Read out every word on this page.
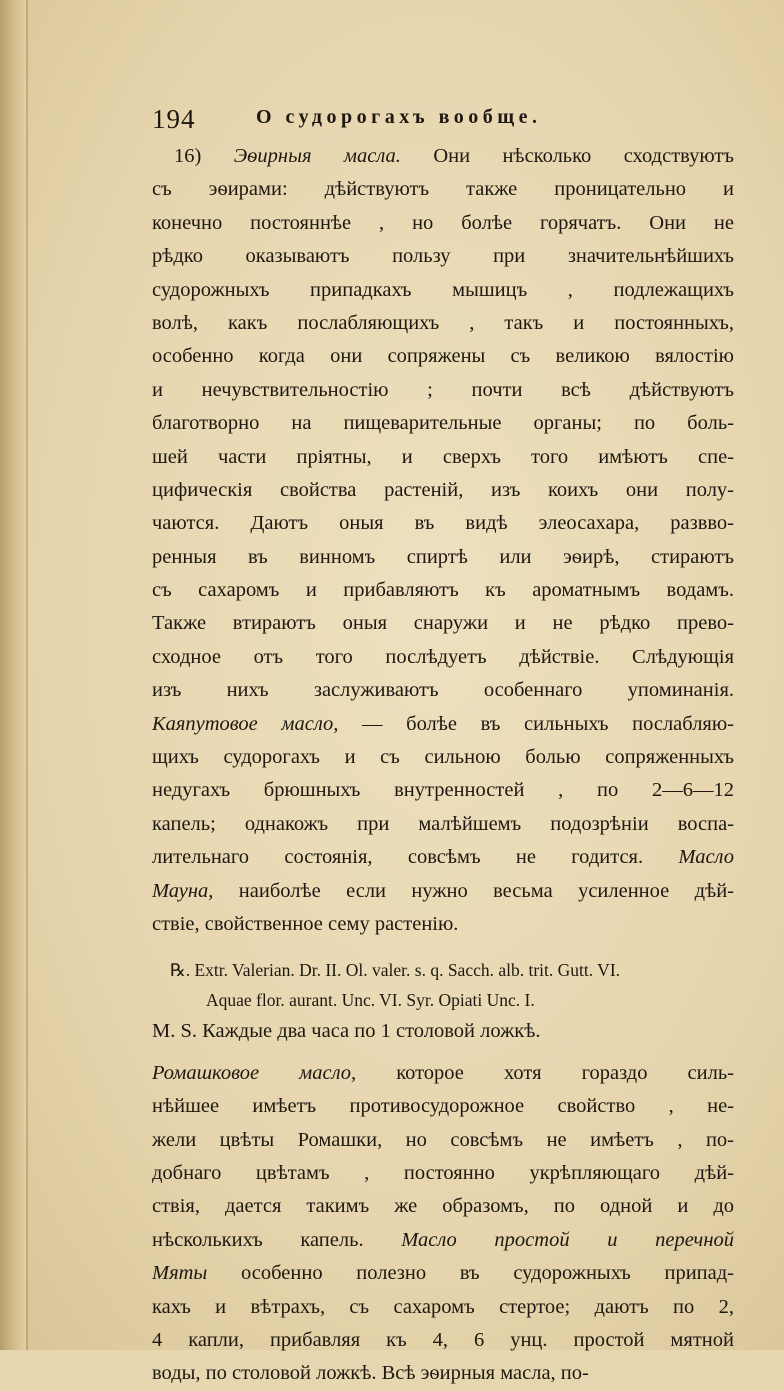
194	О судорогахъ вообще.
16) Эѳирныя масла. Они нѣсколько сходствуютъ
съ эѳирами: дѣйствуютъ также проницательно и
конечно постояннѣе , но болѣе горячатъ. Они не
рѣдко оказываютъ пользу при значительнѣйшихъ
судорожныхъ припадкахъ мышицъ , подлежащихъ
волѣ, какъ послабляющихъ , такъ и постоянныхъ,
особенно когда они сопряжены съ великою вялостію
и нечувствительностію ; почти всѣ дѣйствуютъ
благотворно на пищеварительные органы; по боль-
шей части пріятны, и сверхъ того имѣютъ спе-
цифическія свойства растеній, изъ коихъ они полу-
чаются. Даютъ оныя въ видѣ элеосахара, развво-
ренныя въ винномъ спиртѣ или эѳирѣ, стираютъ
съ сахаромъ и прибавляютъ къ ароматнымъ водамъ.
Также втираютъ оныя снаружи и не рѣдко прево-
сходное отъ того послѣдуетъ дѣйствіе. Слѣдующія
изъ нихъ заслуживаютъ особеннаго упоминанія.
Каяпутовое масло, — болѣе въ сильныхъ послабляю-
щихъ судорогахъ и съ сильною болью сопряженныхъ
недугахъ брюшныхъ внутренностей , по 2—6—12
капель; однакожъ при малѣйшемъ подозрѣніи воспа-
лительнаго состоянія, совсѣмъ не годится. Масло
Мауна, наиболѣе если нужно весьма усиленное дѣй-
ствіе, свойственное сему растенію.
℞. Extr. Valerian. Dr. II. Ol. valer. s. q. Sacch. alb. trit. Gutt. VI.
Aquae flor. aurant. Unc. VI. Syr. Opiati Unc. I.
M. S. Каждые два часа по 1 столовой ложкѣ.
Ромашковое масло, которое хотя гораздо силь-
нѣйшее имѣетъ противосудорожное свойство , не-
жели цвѣты Ромашки, но совсѣмъ не имѣетъ , по-
добнаго цвѣтамъ , постоянно укрѣпляющаго дѣй-
ствія, дается такимъ же образомъ, по одной и до
нѣсколькихъ капель. Масло простой и перечной
Мяты особенно полезно въ судорожныхъ припад-
кахъ и вѣтрахъ, съ сахаромъ стертое; даютъ по 2,
4 капли, прибавляя къ 4, 6 унц. простой мятной
воды, по столовой ложкѣ. Всѣ эѳирныя масла, по-
